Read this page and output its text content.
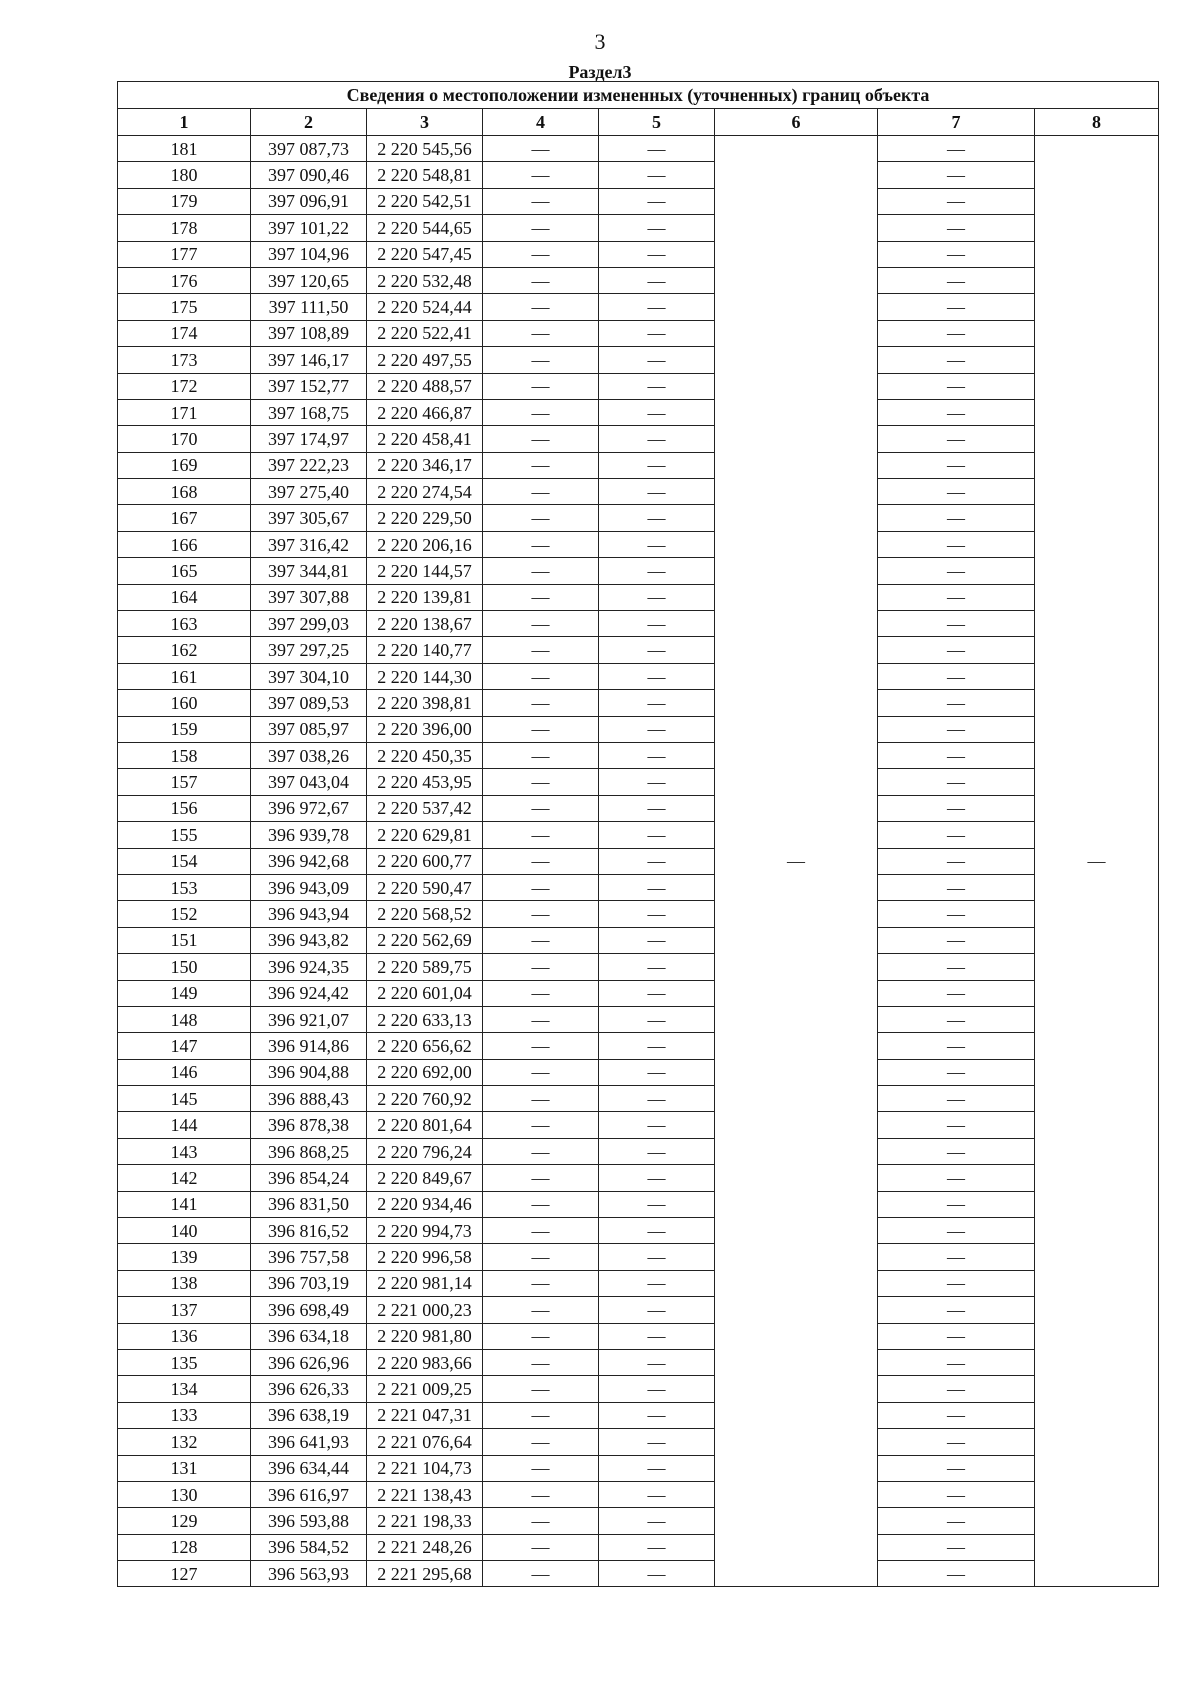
3
Раздел3
Сведения о местоположении измененных (уточненных) границ объекта							
1	2	3	4	5	6	7	8
181	397 087,73	2 220 545,56	—	—	—	—	—
180	397 090,46	2 220 548,81	—	—		—	
179	397 096,91	2 220 542,51	—	—		—	
178	397 101,22	2 220 544,65	—	—		—	
177	397 104,96	2 220 547,45	—	—		—	
176	397 120,65	2 220 532,48	—	—		—	
175	397 111,50	2 220 524,44	—	—		—	
174	397 108,89	2 220 522,41	—	—		—	
173	397 146,17	2 220 497,55	—	—		—	
172	397 152,77	2 220 488,57	—	—		—	
171	397 168,75	2 220 466,87	—	—		—	
170	397 174,97	2 220 458,41	—	—		—	
169	397 222,23	2 220 346,17	—	—		—	
168	397 275,40	2 220 274,54	—	—		—	
167	397 305,67	2 220 229,50	—	—		—	
166	397 316,42	2 220 206,16	—	—		—	
165	397 344,81	2 220 144,57	—	—		—	
164	397 307,88	2 220 139,81	—	—		—	
163	397 299,03	2 220 138,67	—	—		—	
162	397 297,25	2 220 140,77	—	—		—	
161	397 304,10	2 220 144,30	—	—		—	
160	397 089,53	2 220 398,81	—	—		—	
159	397 085,97	2 220 396,00	—	—		—	
158	397 038,26	2 220 450,35	—	—		—	
157	397 043,04	2 220 453,95	—	—		—	
156	396 972,67	2 220 537,42	—	—		—	
155	396 939,78	2 220 629,81	—	—		—	
154	396 942,68	2 220 600,77	—	—		—	
153	396 943,09	2 220 590,47	—	—		—	
152	396 943,94	2 220 568,52	—	—		—	
151	396 943,82	2 220 562,69	—	—		—	
150	396 924,35	2 220 589,75	—	—		—	
149	396 924,42	2 220 601,04	—	—		—	
148	396 921,07	2 220 633,13	—	—		—	
147	396 914,86	2 220 656,62	—	—		—	
146	396 904,88	2 220 692,00	—	—		—	
145	396 888,43	2 220 760,92	—	—		—	
144	396 878,38	2 220 801,64	—	—		—	
143	396 868,25	2 220 796,24	—	—		—	
142	396 854,24	2 220 849,67	—	—		—	
141	396 831,50	2 220 934,46	—	—		—	
140	396 816,52	2 220 994,73	—	—		—	
139	396 757,58	2 220 996,58	—	—		—	
138	396 703,19	2 220 981,14	—	—		—	
137	396 698,49	2 221 000,23	—	—		—	
136	396 634,18	2 220 981,80	—	—		—	
135	396 626,96	2 220 983,66	—	—		—	
134	396 626,33	2 221 009,25	—	—		—	
133	396 638,19	2 221 047,31	—	—		—	
132	396 641,93	2 221 076,64	—	—		—	
131	396 634,44	2 221 104,73	—	—		—	
130	396 616,97	2 221 138,43	—	—		—	
129	396 593,88	2 221 198,33	—	—		—	
128	396 584,52	2 221 248,26	—	—		—	
127	396 563,93	2 221 295,68	—	—		—	
